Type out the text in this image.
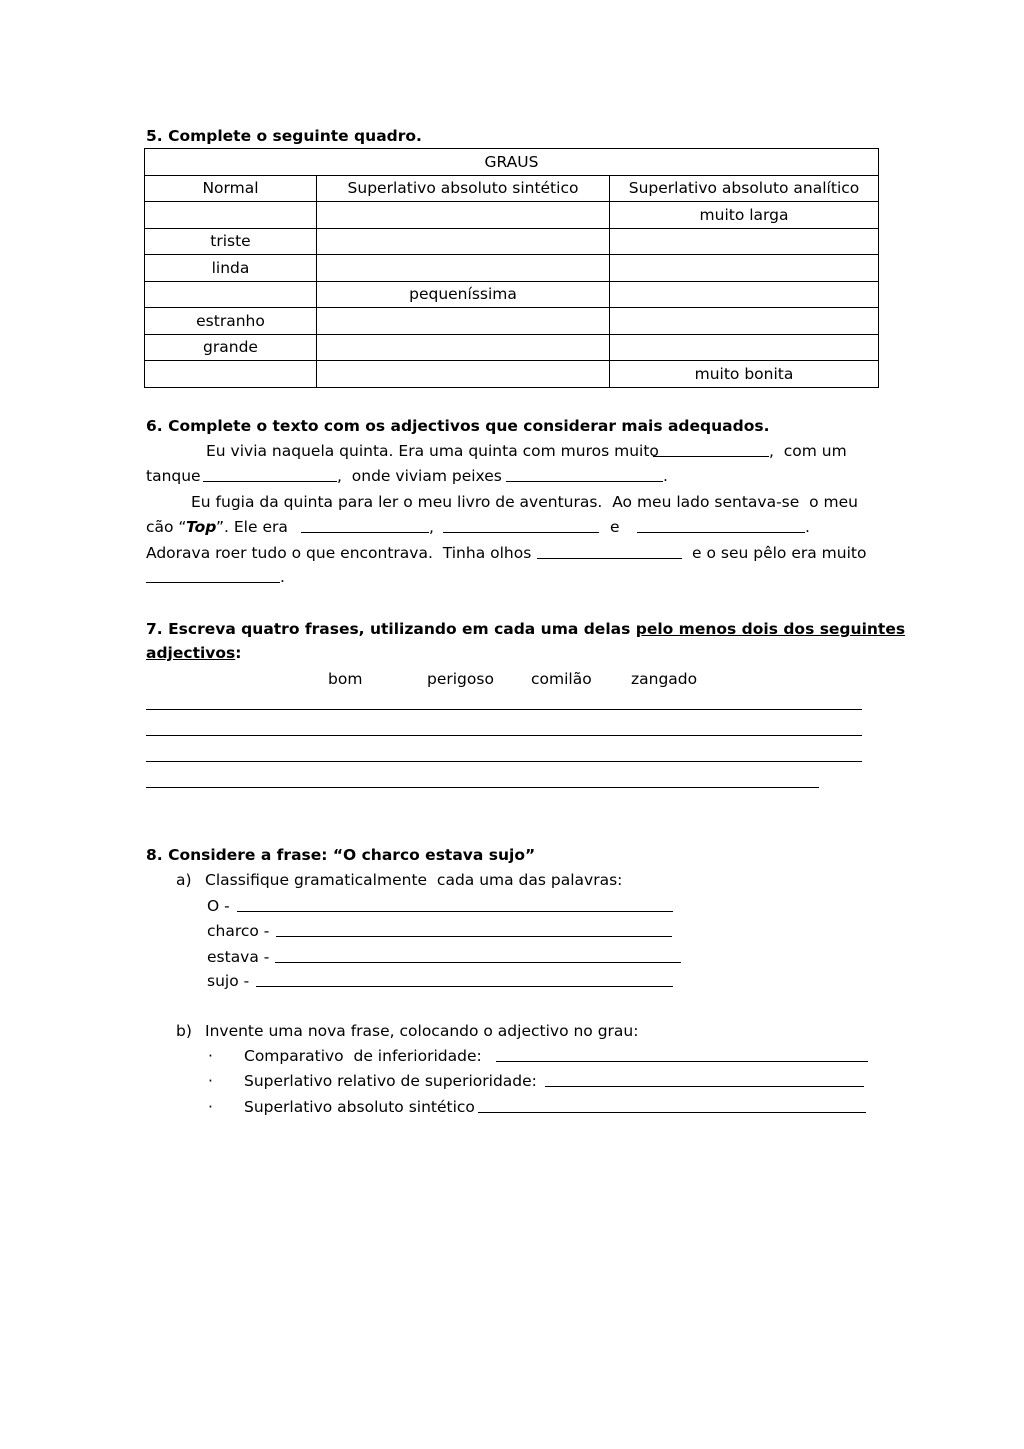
5. Complete o seguinte quadro.
GRAUS		
Normal	Superlativo absoluto sintético	Superlativo absoluto analítico
		muito larga
triste		
linda		
	pequeníssima	
estranho		
grande		
		muito bonita
6. Complete o texto com os adjectivos que considerar mais adequados.
Eu vivia naquela quinta. Era uma quinta com muros muito	,  com um
tanque	,  onde viviam peixes	.
Eu fugia da quinta para ler o meu livro de aventuras.  Ao meu lado sentava-se  o meu
cão “ Top ”. Ele era	,	e	.
Adorava roer tudo o que encontrava.  Tinha olhos	e o seu pêlo era muito
.
7. Escreva quatro frases, utilizando em cada uma delas pelo menos dois dos seguintes
adjectivos:
bom	perigoso comilão	zangado
8. Considere a frase: “O charco estava sujo”
a) Classifique gramaticalmente  cada uma das palavras:
O -
charco -
estava -
sujo -
b) Invente uma nova frase, colocando o adjectivo no grau:
· Comparativo  de inferioridade:
· Superlativo relativo de superioridade:
· Superlativo absoluto sintético
